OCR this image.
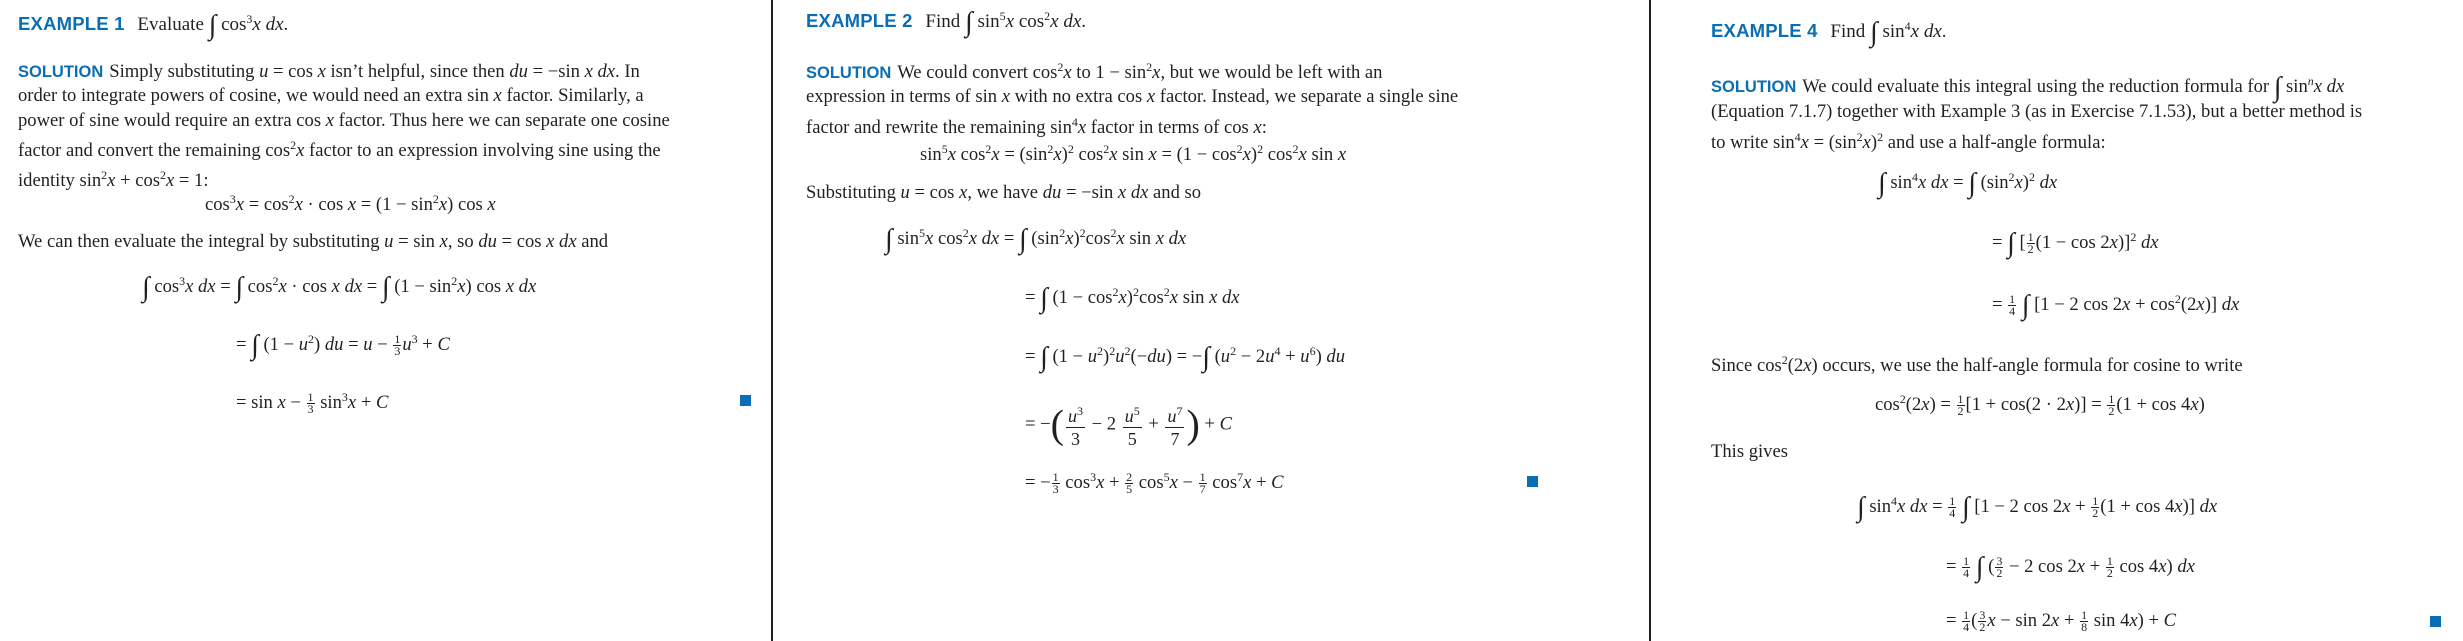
EXAMPLE 1 Evaluate ∫ $\cos^3x$ dx.
SOLUTION Simply substituting u = cos x isn’t helpful, since then du = −sin x dx. In
order to integrate powers of cosine, we would need an extra sin x factor. Similarly, a
power of sine would require an extra cos x factor. Thus here we can separate one cosine
factor and convert the remaining $\cos^2x$ factor to an expression involving sine using the
identity $\sin^2x + \cos^2x = 1$:
$\cos^3x = \cos^2x \cdot \cos x = (1 - \sin^2x)$ cos x
We can then evaluate the integral by substituting u = sin x, so du = cos x dx and
∫ $\cos^3x$ dx = ∫ $\cos^2x \cdot \cos x$ dx = ∫ $(1 - \sin^2x)$ cos x dx
= ∫ $(1 - u^2)$ du = $u - \frac{1}{3} u^3 + C$
= $\sin x - \frac{1}{3} \sin^3x + C$
EXAMPLE 2 Find ∫ $\sin^5x$ $\cos^2x$ dx.
SOLUTION We could convert $\cos^2x$ to $1 - \sin^2x$, but we would be left with an
expression in terms of sin x with no extra cos x factor. Instead, we separate a single sine
factor and rewrite the remaining $\sin^4x$ factor in terms of cos x:
$\sin^5x$ $\cos^2x = (\sin^2x)^2$ $\cos^2x$ $\sin x = (1 - \cos^2x)^2$ $\cos^2x$ sin x
Substituting u = cos x, we have du = −sin x dx and so
∫ $\sin^5x$ $\cos^2x$ dx = ∫ $(\sin^2x)^2\cos^2x$ sin x dx
= ∫ $(1 - \cos^2x)^2\cos^2x$ sin x dx
= ∫ $(1 - u^2)^2u^2(-du)$ = −∫ $(u^2 - 2u^4 + u^6)$ du
= −( $\frac{u^3}{3} - 2 \frac{u^5}{5} + \frac{u^7}{7}$ ) + C
= − $\frac{1}{3} \cos^3x + \frac{2}{5} \cos^5x - \frac{1}{7} \cos^7x + C$
EXAMPLE 4 Find ∫ $\sin^4x$ dx.
SOLUTION We could evaluate this integral using the reduction formula for ∫ $\sin^nx$ dx
(Equation 7.1.7) together with Example 3 (as in Exercise 7.1.53), but a better method is
to write $\sin^4x = (\sin^2x)^2$ and use a half-angle formula:
∫ $\sin^4x$ dx = ∫ $(\sin^2x)^2$ dx
= ∫ [ $\frac{1}{2} (1 - \cos 2x)]^2$ dx
= $\frac{1}{4}$ ∫ [1 − 2 $\cos 2x + \cos^2(2x)$] dx
Since $\cos^2(2x)$ occurs, we use the half-angle formula for cosine to write
$\cos^2(2x) = \frac{1}{2} [1 + \cos(2 \cdot 2x)] = \frac{1}{2} (1 + \cos 4x)$
This gives
∫ $\sin^4x$ dx = $\frac{1}{4}$ ∫ [1 − 2 $\cos 2x + \frac{1}{2} (1 + \cos 4x)$] dx
= $\frac{1}{4}$ ∫ ( $\frac{3}{2} - 2$ $\cos 2x + \frac{1}{2}$ cos 4x) dx
= $\frac{1}{4}$ ( $\frac{3}{2}$ $x - \sin 2x + \frac{1}{8}$ sin 4x) + C
